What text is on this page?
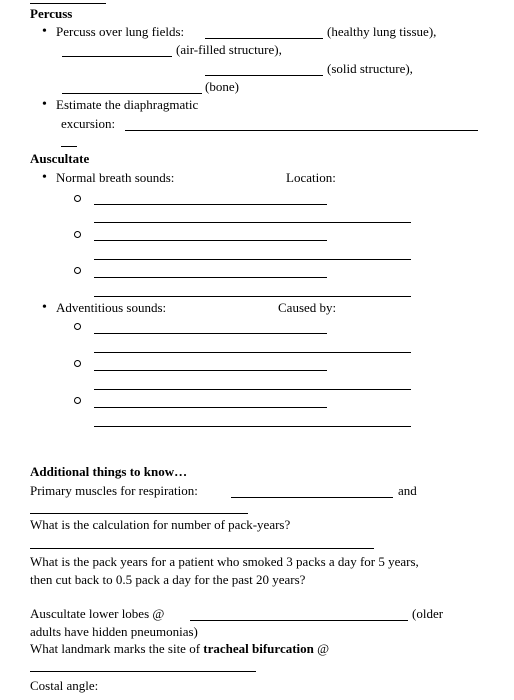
Percuss
• Percuss over lung fields:	(healthy lung tissue),
(air-filled structure),
(solid structure),
(bone)
• Estimate the diaphragmatic
excursion:
Auscultate
• Normal breath sounds:	Location:
• Adventitious sounds:	Caused by:
Additional things to know…
Primary muscles for respiration:	and
What is the calculation for number of pack-years?
What is the pack years for a patient who smoked 3 packs a day for 5 years,
then cut back to 0.5 pack a day for the past 20 years?
Auscultate lower lobes @	(older
adults have hidden pneumonias)
What landmark marks the site of tracheal bifurcation @
Costal angle:
